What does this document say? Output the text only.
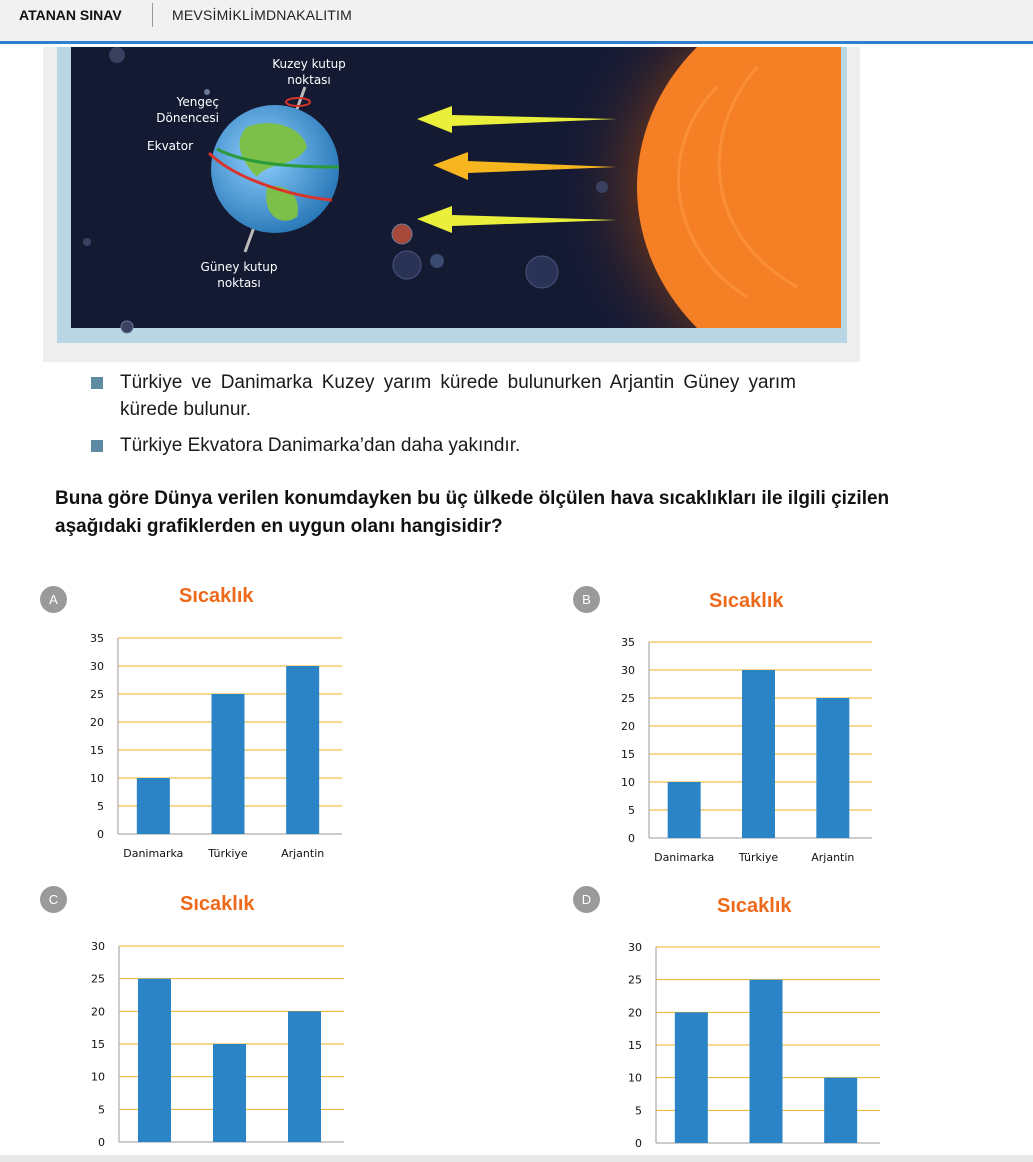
ATANAN SINAV	MEVSİMİKLİMDNAKALITIM
Kuzey kutup
noktası
Yengeç
Dönencesi
Ekvator
Güney kutup
noktası
Türkiye ve Danimarka Kuzey yarım kürede bulunurken Arjantin Güney yarım kürede bulunur.
Türkiye Ekvatora Danimarka’dan daha yakındır.
Buna göre Dünya verilen konumdayken bu üç ülkede ölçülen hava sıcaklıkları ile ilgili çizilen aşağıdaki grafiklerden en uygun olanı hangisidir?
A	Sıcaklık
0
5
10
15
20
25
30
35
Danimarka Türkiye	Arjantin
B	Sıcaklık
0
5
10
15
20
25
30
35
Danimarka Türkiye	Arjantin
C	Sıcaklık
0
5
10
15
20
25
30
D	Sıcaklık
0
5
10
15
20
25
30
